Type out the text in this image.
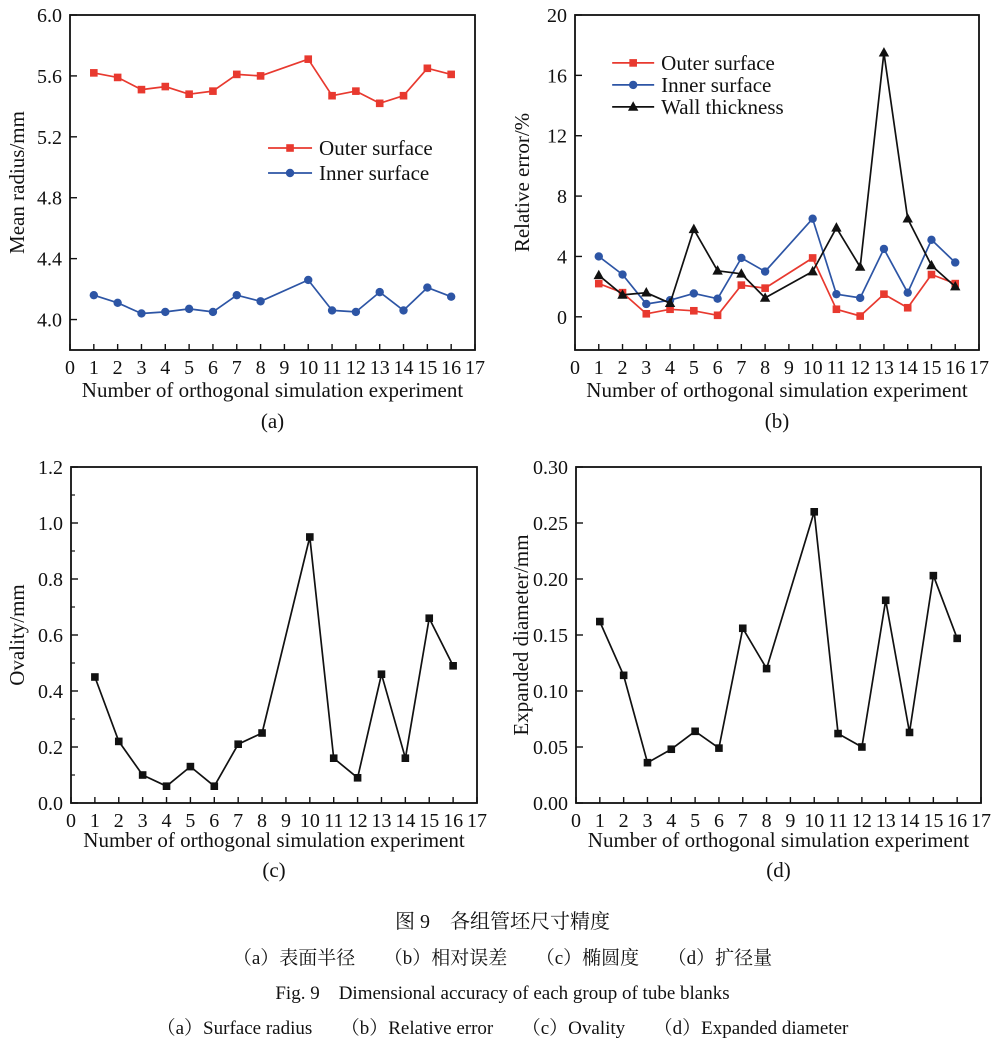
0 1 2 3 4 5 6 7 8 9 10 11 12 13 14 15 16 17
4.0
4.4
4.8
5.2
5.6
6.0
Outer surface
Inner surface
Number of orthogonal simulation experiment
Mean radius/mm
(a)
0 1 2 3 4 5 6 7 8 9 10 11 12 13 14 15 16 17
0
4
8
12
16
20
Outer surface
Inner surface
Wall thickness
Number of orthogonal simulation experiment
Relative error/%
(b)
0 1 2 3 4 5 6 7 8 9 10 11 12 13 14 15 16 17
0.0
0.2
0.4
0.6
0.8
1.0
1.2
Number of orthogonal simulation experiment
Ovality/mm
(c)
0 1 2 3 4 5 6 7 8 9 10 11 12 13 14 15 16 17
0.00
0.05
0.10
0.15
0.20
0.25
0.30
Number of orthogonal simulation experiment
Expanded diameter/mm
(d)
图 9　各组管坯尺寸精度
（a）表面半径　　（b）相对误差　　（c）椭圆度　　（d）扩径量
Fig. 9　Dimensional accuracy of each group of tube blanks
（a）Surface radius　　（b）Relative error　　（c）Ovality　　（d）Expanded diameter
